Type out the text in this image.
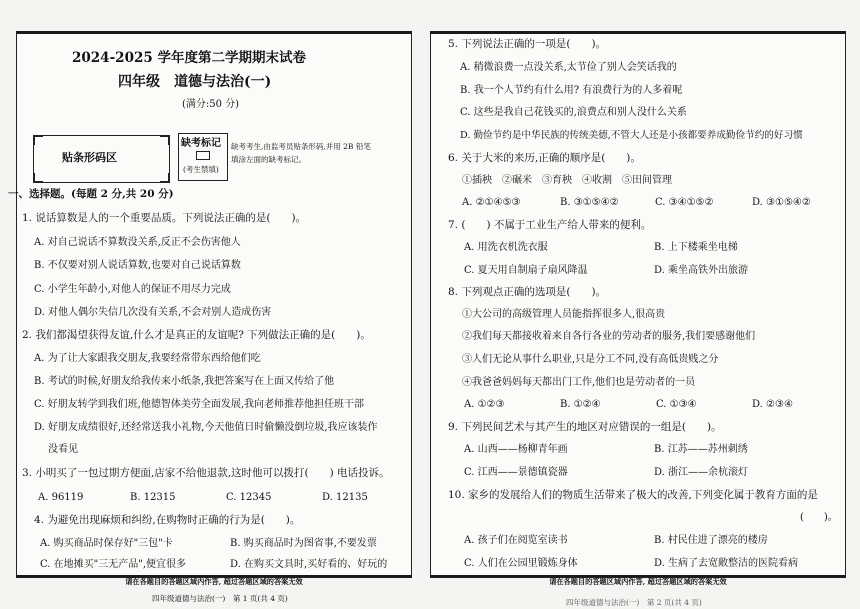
2024-2025 学年度第二学期期末试卷
四年级　道德与法治(一)
(满分:50 分)
贴条形码区
缺考标记
(考生禁填)
缺考考生,由监考员贴条形码,并用 2B 铅笔
填涂左面的缺考标记。
一、选择题。(每题 2 分,共 20 分)
1. 说话算数是人的一个重要品质。下列说法正确的是(　　)。
A. 对自己说话不算数没关系,反正不会伤害他人
B. 不仅要对别人说话算数,也要对自己说话算数
C. 小学生年龄小,对他人的保证不用尽力完成
D. 对他人偶尔失信几次没有关系,不会对别人造成伤害
2. 我们都渴望获得友谊,什么才是真正的友谊呢? 下列做法正确的是(　　)。
A. 为了让大家跟我交朋友,我要经常带东西给他们吃
B. 考试的时候,好朋友给我传来小纸条,我把答案写在上面又传给了他
C. 好朋友转学到我们班,他德智体美劳全面发展,我向老师推荐他担任班干部
D. 好朋友成绩很好,还经常送我小礼物,今天他值日时偷懒没倒垃圾,我应该装作
没看见
3. 小明买了一包过期方便面,店家不给他退款,这时他可以拨打(　　) 电话投诉。
A. 96119	B. 12315	C. 12345	D. 12135
4. 为避免出现麻烦和纠纷,在购物时正确的行为是(　　)。
A. 购买商品时保存好"三包"卡	B. 购买商品时为图省事,不要发票
C. 在地摊买"三无产品",便宜很多	D. 在购买文具时,买好看的、好玩的
5. 下列说法正确的一项是(　　)。
A. 稍微浪费一点没关系,太节俭了别人会笑话我的
B. 我一个人节约有什么用? 有浪费行为的人多着呢
C. 这些是我自己花钱买的,浪费点和别人没什么关系
D. 勤俭节约是中华民族的传统美德,不管大人还是小孩都要养成勤俭节约的好习惯
6. 关于大米的来历,正确的顺序是(　　)。
①插秧　②碾米　③育秧　④收割　⑤田间管理
A. ②①④⑤③	B. ③①⑤④②	C. ③④①⑤②	D. ③①⑤④②
7. (　　) 不属于工业生产给人带来的便利。
A. 用洗衣机洗衣服	B. 上下楼乘坐电梯
C. 夏天用自制扇子扇风降温	D. 乘坐高铁外出旅游
8. 下列观点正确的选项是(　　)。
①大公司的高级管理人员能指挥很多人,很高贵
②我们每天都接收着来自各行各业的劳动者的服务,我们要感谢他们
③人们无论从事什么职业,只是分工不同,没有高低贵贱之分
④我爸爸妈妈每天都出门工作,他们也是劳动者的一员
A. ①②③	B. ①②④	C. ①③④	D. ②③④
9. 下列民间艺术与其产生的地区对应错误的一组是(　　)。
A. 山西——杨柳青年画	B. 江苏——苏州刺绣
C. 江西——景德镇瓷器	D. 浙江——余杭滚灯
10. 家乡的发展给人们的物质生活带来了极大的改善,下列变化属于教育方面的是
(　　)。
A. 孩子们在阅览室读书	B. 村民住进了漂亮的楼房
C. 人们在公园里锻炼身体	D. 生病了去宽敞整洁的医院看病
请在各题目的答题区域内作答, 超过答题区域的答案无效	请在各题目的答题区域内作答, 超过答题区域的答案无效
四年级道德与法治(一)　第 1 页(共 4 页)	四年级道德与法治(一)　第 2 页(共 4 页)
